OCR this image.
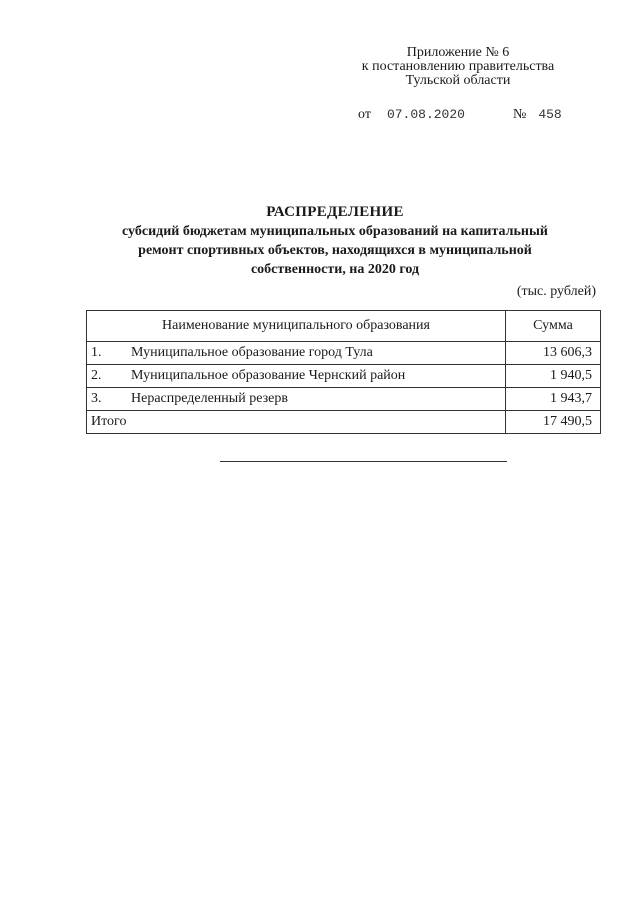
Приложение № 6
к постановлению правительства
Тульской области
от 07.08.2020	№ 458
РАСПРЕДЕЛЕНИЕ
субсидий бюджетам муниципальных образований на капитальный
ремонт спортивных объектов, находящихся в муниципальной
собственности, на 2020 год
(тыс. рублей)
Наименование муниципального образования		Сумма
1.	Муниципальное образование город Тула	13 606,3
2.	Муниципальное образование Чернский район	1 940,5
3.	Нераспределенный резерв	1 943,7
Итого		17 490,5
